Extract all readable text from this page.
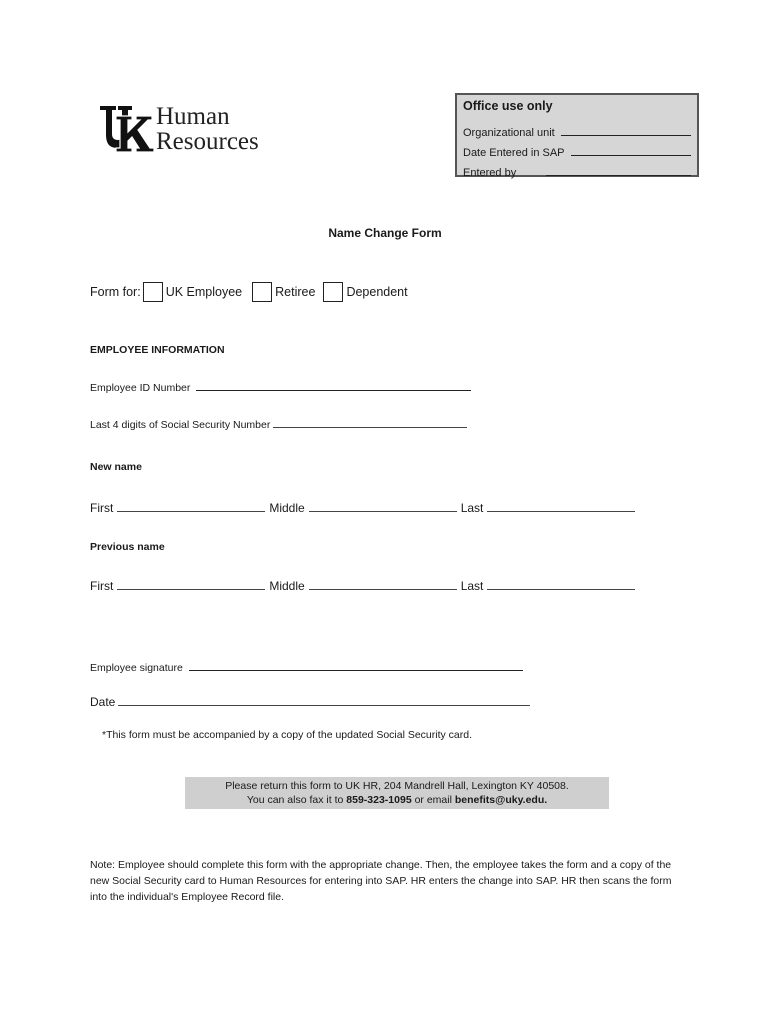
Human
Resources
Office use only
Organizational unit
Date Entered in SAP
Entered by
Name Change Form
Form for: UK Employee	Retiree Dependent
EMPLOYEE INFORMATION
Employee ID Number
Last 4 digits of Social Security Number
New name
First	Middle	Last
Previous name
First	Middle	Last
Employee signature
Date
*This form must be accompanied by a copy of the updated Social Security card.
Please return this form to UK HR, 204 Mandrell Hall, Lexington KY 40508.
You can also fax it to 859-323-1095 or email benefits@uky.edu.
Note: Employee should complete this form with the appropriate change. Then, the employee takes the form and a copy of the new Social Security card to Human Resources for entering into SAP. HR enters the change into SAP. HR then scans the form into the individual's Employee Record file.
